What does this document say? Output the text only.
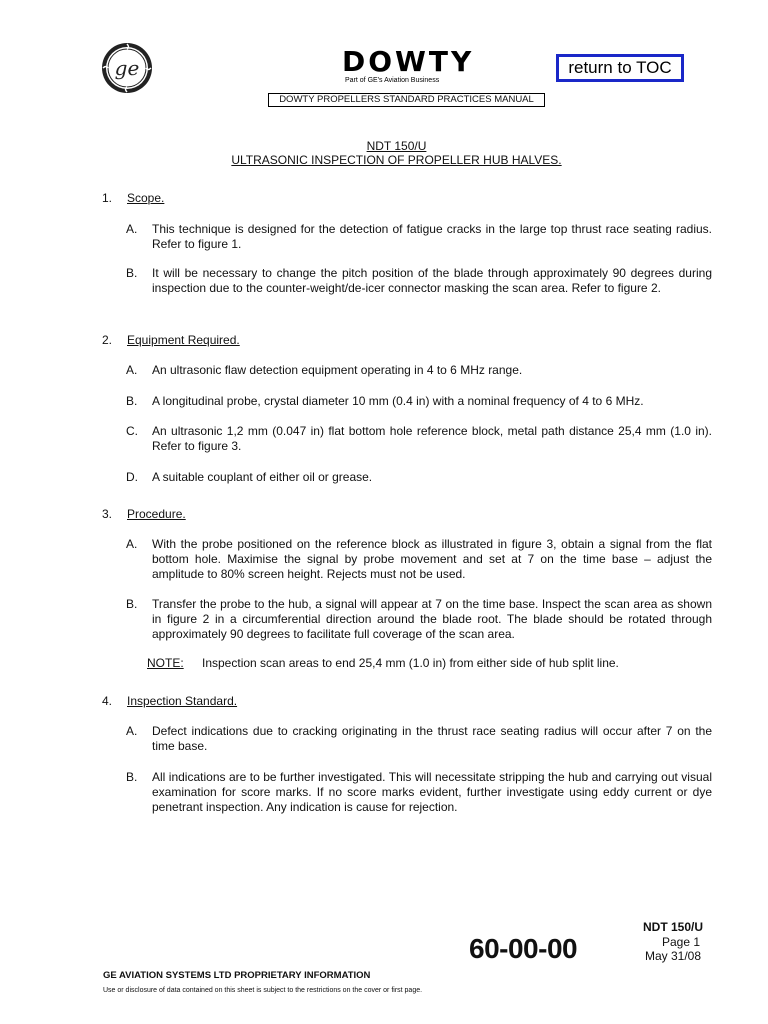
ge	DOWTY
Part of GE's Aviation Business
return to TOC
DOWTY PROPELLERS STANDARD PRACTICES MANUAL
NDT 150/U
ULTRASONIC INSPECTION OF PROPELLER HUB HALVES.
1. Scope.
A. This technique is designed for the detection of fatigue cracks in the large top thrust race seating radius. Refer to figure 1.
B. It will be necessary to change the pitch position of the blade through approximately 90 degrees during inspection due to the counter-weight/de-icer connector masking the scan area. Refer to figure 2.
2. Equipment Required.
A. An ultrasonic flaw detection equipment operating in 4 to 6 MHz range.
B. A longitudinal probe, crystal diameter 10 mm (0.4 in) with a nominal frequency of 4 to 6 MHz.
C. An ultrasonic 1,2 mm (0.047 in) flat bottom hole reference block, metal path distance 25,4 mm (1.0 in). Refer to figure 3.
D. A suitable couplant of either oil or grease.
3. Procedure.
A. With the probe positioned on the reference block as illustrated in figure 3, obtain a signal from the flat bottom hole. Maximise the signal by probe movement and set at 7 on the time base – adjust the amplitude to 80% screen height. Rejects must not be used.
B. Transfer the probe to the hub, a signal will appear at 7 on the time base. Inspect the scan area as shown in figure 2 in a circumferential direction around the blade root. The blade should be rotated through approximately 90 degrees to facilitate full coverage of the scan area.
NOTE: Inspection scan areas to end 25,4 mm (1.0 in) from either side of hub split line.
4. Inspection Standard.
A. Defect indications due to cracking originating in the thrust race seating radius will occur after 7 on the time base.
B. All indications are to be further investigated. This will necessitate stripping the hub and carrying out visual examination for score marks. If no score marks evident, further investigate using eddy current or dye penetrant inspection. Any indication is cause for rejection.
NDT 150/U
Page 1
May 31/08
60-00-00
GE AVIATION SYSTEMS LTD PROPRIETARY INFORMATION
Use or disclosure of data contained on this sheet is subject to the restrictions on the cover or first page.
